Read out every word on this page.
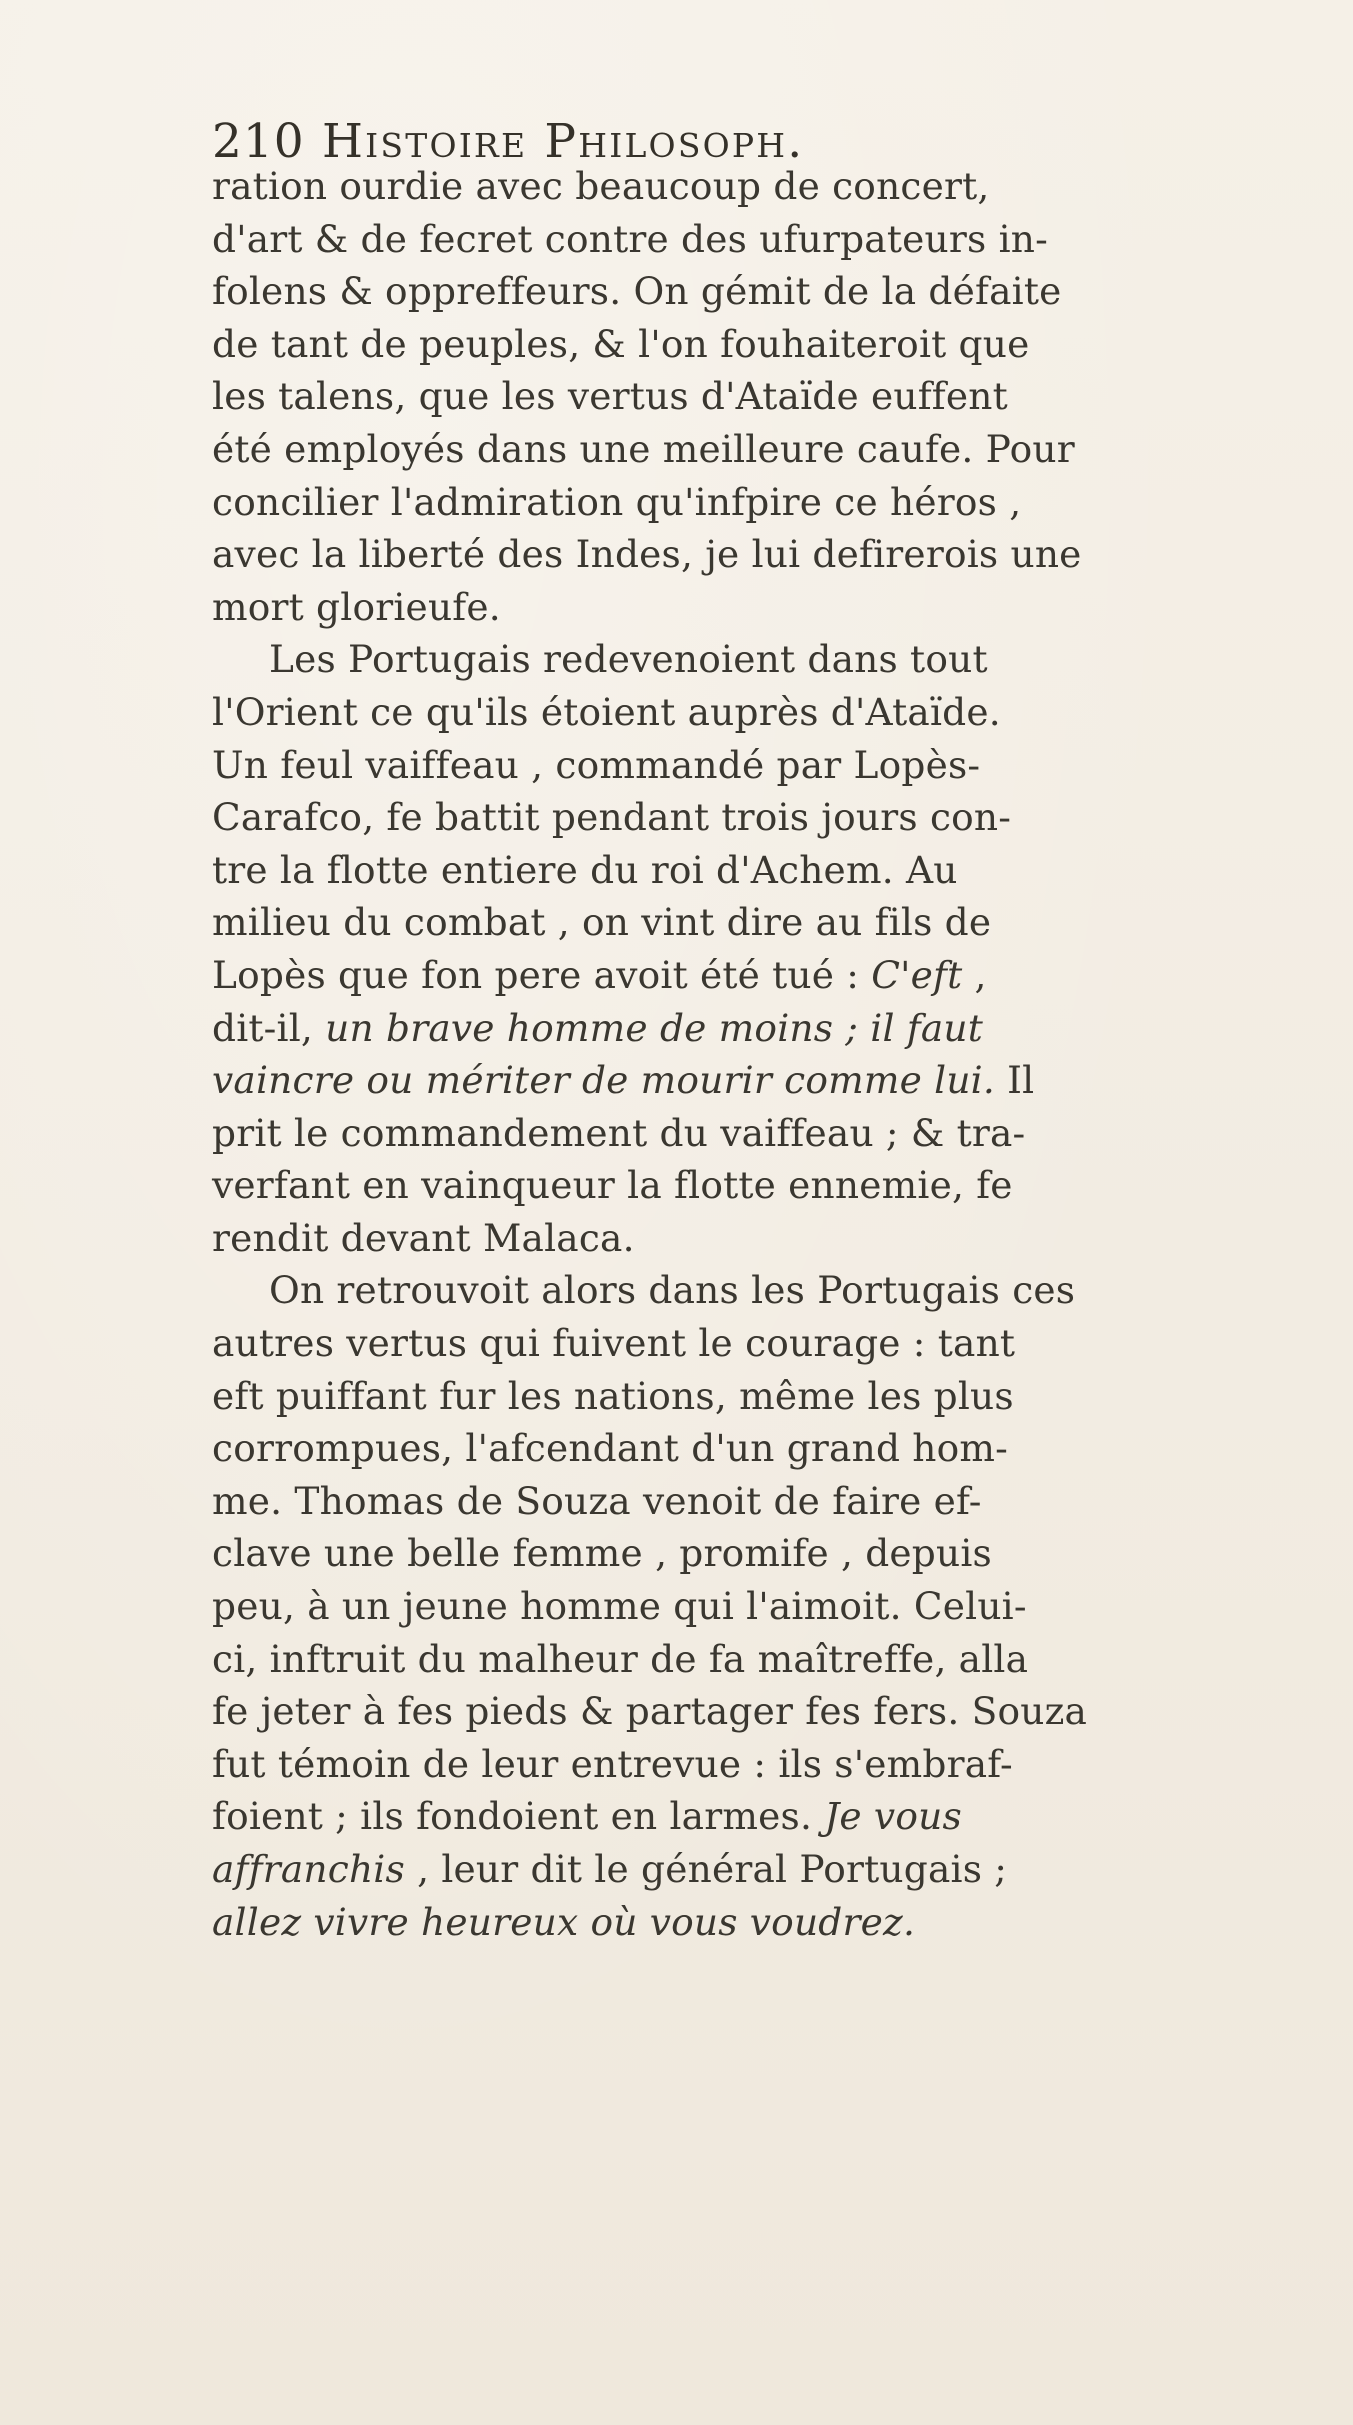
210 Histoire Philosoph.
ration ourdie avec beaucoup de concert,
d'art & de fecret contre des ufurpateurs in-
folens & oppreffeurs. On gémit de la défaite
de tant de peuples, & l'on fouhaiteroit que
les talens, que les vertus d'Ataïde euffent
été employés dans une meilleure caufe. Pour
concilier l'admiration qu'infpire ce héros ,
avec la liberté des Indes, je lui defirerois une
mort glorieufe.
Les Portugais redevenoient dans tout
l'Orient ce qu'ils étoient auprès d'Ataïde.
Un feul vaiffeau , commandé par Lopès-
Carafco, fe battit pendant trois jours con-
tre la flotte entiere du roi d'Achem. Au
milieu du combat , on vint dire au fils de
Lopès que fon pere avoit été tué : C'eft ,
dit-il, un brave homme de moins ; il faut
vaincre ou mériter de mourir comme lui. Il
prit le commandement du vaiffeau ; & tra-
verfant en vainqueur la flotte ennemie, fe
rendit devant Malaca.
On retrouvoit alors dans les Portugais ces
autres vertus qui fuivent le courage : tant
eft puiffant fur les nations, même les plus
corrompues, l'afcendant d'un grand hom-
me. Thomas de Souza venoit de faire ef-
clave une belle femme , promife , depuis
peu, à un jeune homme qui l'aimoit. Celui-
ci, inftruit du malheur de fa maîtreffe, alla
fe jeter à fes pieds & partager fes fers. Souza
fut témoin de leur entrevue : ils s'embraf-
foient ; ils fondoient en larmes. Je vous
affranchis , leur dit le général Portugais ;
allez vivre heureux où vous voudrez.
